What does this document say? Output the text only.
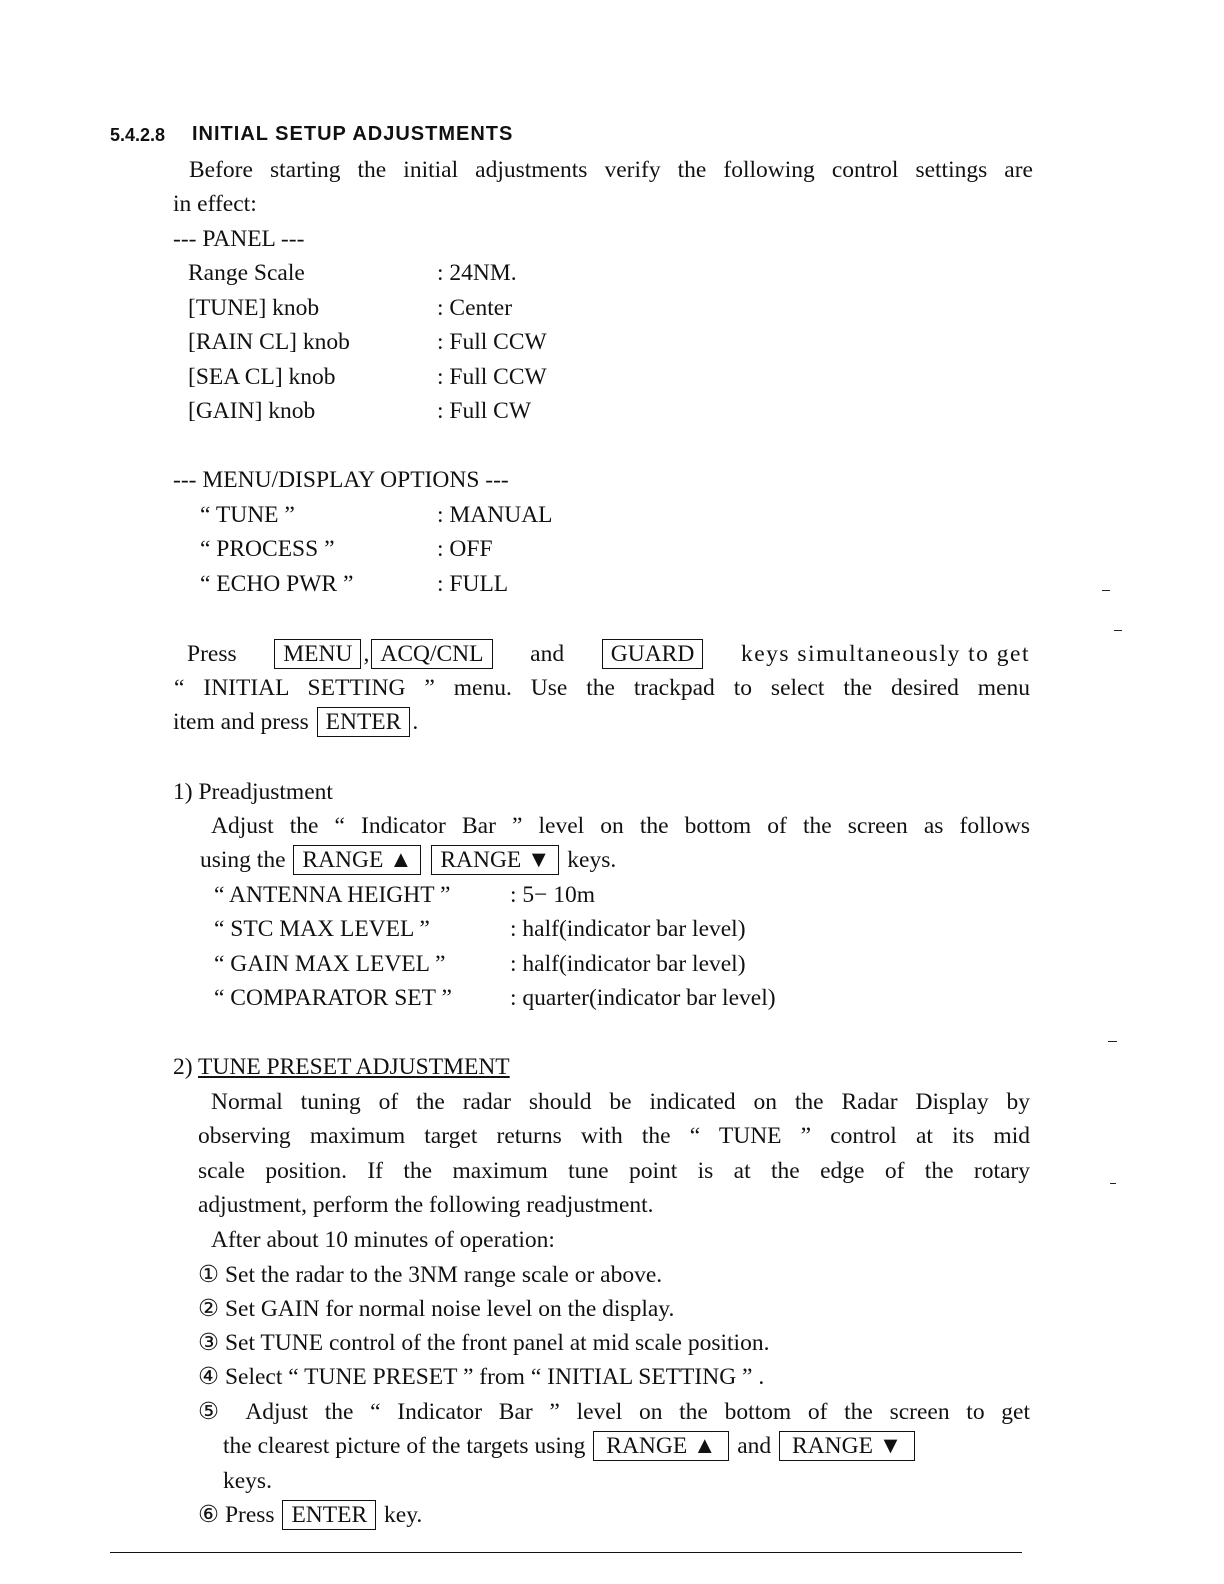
5.4.2.8 INITIAL SETUP ADJUSTMENTS
Before starting the initial adjustments verify the following control settings are
in effect:
--- PANEL ---
Range Scale	: 24NM.
[TUNE] knob	: Center
[RAIN CL] knob	: Full CCW
[SEA CL] knob	: Full CCW
[GAIN] knob	: Full CW
--- MENU/DISPLAY OPTIONS ---
“ TUNE ”	: MANUAL
“ PROCESS ”	: OFF
“ ECHO PWR ”	: FULL
Press	MENU , ACQ/CNL	and	GUARD	keys simultaneously to get
“ INITIAL SETTING ” menu. Use the trackpad to select the desired menu
item and press ENTER .
1) Preadjustment
Adjust the “ Indicator Bar ” level on the bottom of the screen as follows
using the RANGE ▲ RANGE ▼ keys.
“ ANTENNA HEIGHT ”	: 5− 10m
“ STC MAX LEVEL ”	: half(indicator bar level)
“ GAIN MAX LEVEL ”	: half(indicator bar level)
“ COMPARATOR SET ” : quarter(indicator bar level)
2) TUNE PRESET ADJUSTMENT
Normal tuning of the radar should be indicated on the Radar Display by
observing maximum target returns with the “ TUNE ” control at its mid
scale position. If the maximum tune point is at the edge of the rotary
adjustment, perform the following readjustment.
After about 10 minutes of operation:
① Set the radar to the 3NM range scale or above.
② Set GAIN for normal noise level on the display.
③ Set TUNE control of the front panel at mid scale position.
④ Select “ TUNE PRESET ” from “ INITIAL SETTING ” .
⑤ Adjust the “ Indicator Bar ” level on the bottom of the screen to get
the clearest picture of the targets using RANGE ▲ and RANGE ▼
keys.
⑥ Press ENTER key.
